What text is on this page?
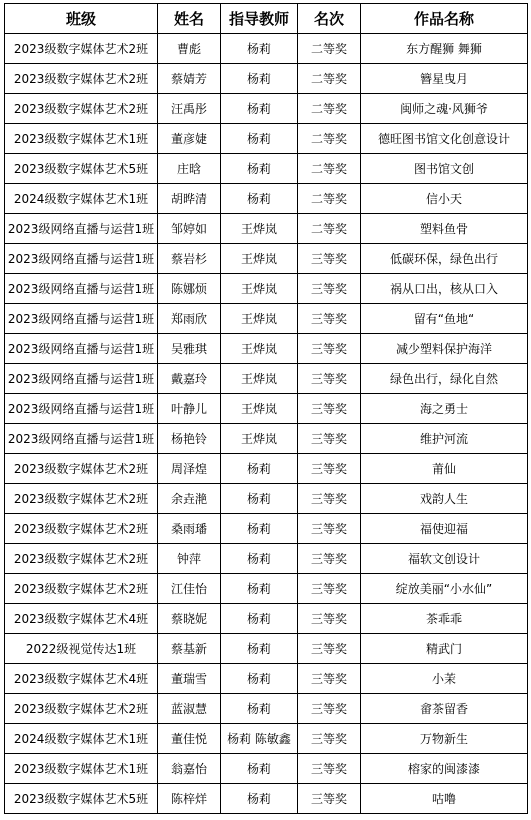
班级	姓名	指导教师	名次	作品名称
2023级数字媒体艺术2班	曹彪	杨莉	二等奖	东方醒狮 舞狮
2023级数字媒体艺术2班	蔡婧芳	杨莉	二等奖	簪星曳月
2023级数字媒体艺术2班	汪禹彤	杨莉	二等奖	闽师之魂·风狮爷
2023级数字媒体艺术1班	董彦婕	杨莉	二等奖	德旺图书馆文化创意设计
2023级数字媒体艺术5班	庄晗	杨莉	二等奖	图书馆文创
2024级数字媒体艺术1班	胡晔清	杨莉	二等奖	信小天
2023级网络直播与运营1班	邹婷如	王烨岚	二等奖	塑料鱼骨
2023级网络直播与运营1班	蔡岩杉	王烨岚	三等奖	低碳环保，绿色出行
2023级网络直播与运营1班	陈娜烦	王烨岚	三等奖	祸从口出，核从口入
2023级网络直播与运营1班	郑雨欣	王烨岚	三等奖	留有“鱼地“
2023级网络直播与运营1班	吴雅琪	王烨岚	三等奖	减少塑料保护海洋
2023级网络直播与运营1班	戴嘉玲	王烨岚	三等奖	绿色出行，绿化自然
2023级网络直播与运营1班	叶静儿	王烨岚	三等奖	海之勇士
2023级网络直播与运营1班	杨艳铃	王烨岚	三等奖	维护河流
2023级数字媒体艺术2班	周泽煌	杨莉	三等奖	莆仙
2023级数字媒体艺术2班	余垚滟	杨莉	三等奖	戏韵人生
2023级数字媒体艺术2班	桑雨璠	杨莉	三等奖	福使迎福
2023级数字媒体艺术2班	钟萍	杨莉	三等奖	福软文创设计
2023级数字媒体艺术2班	江佳怡	杨莉	三等奖	绽放美丽“小水仙”
2023级数字媒体艺术4班	蔡晓妮	杨莉	三等奖	茶乖乖
2022级视觉传达1班	蔡基新	杨莉	三等奖	精武门
2023级数字媒体艺术4班	董瑞雪	杨莉	三等奖	小茉
2023级数字媒体艺术2班	蓝淑慧	杨莉	三等奖	畲茶留香
2024级数字媒体艺术1班	董佳悦	杨莉 陈敏鑫	三等奖	万物新生
2023级数字媒体艺术1班	翁嘉怡	杨莉	三等奖	榕家的闽漆漆
2023级数字媒体艺术5班	陈梓烊	杨莉	三等奖	咕噜
